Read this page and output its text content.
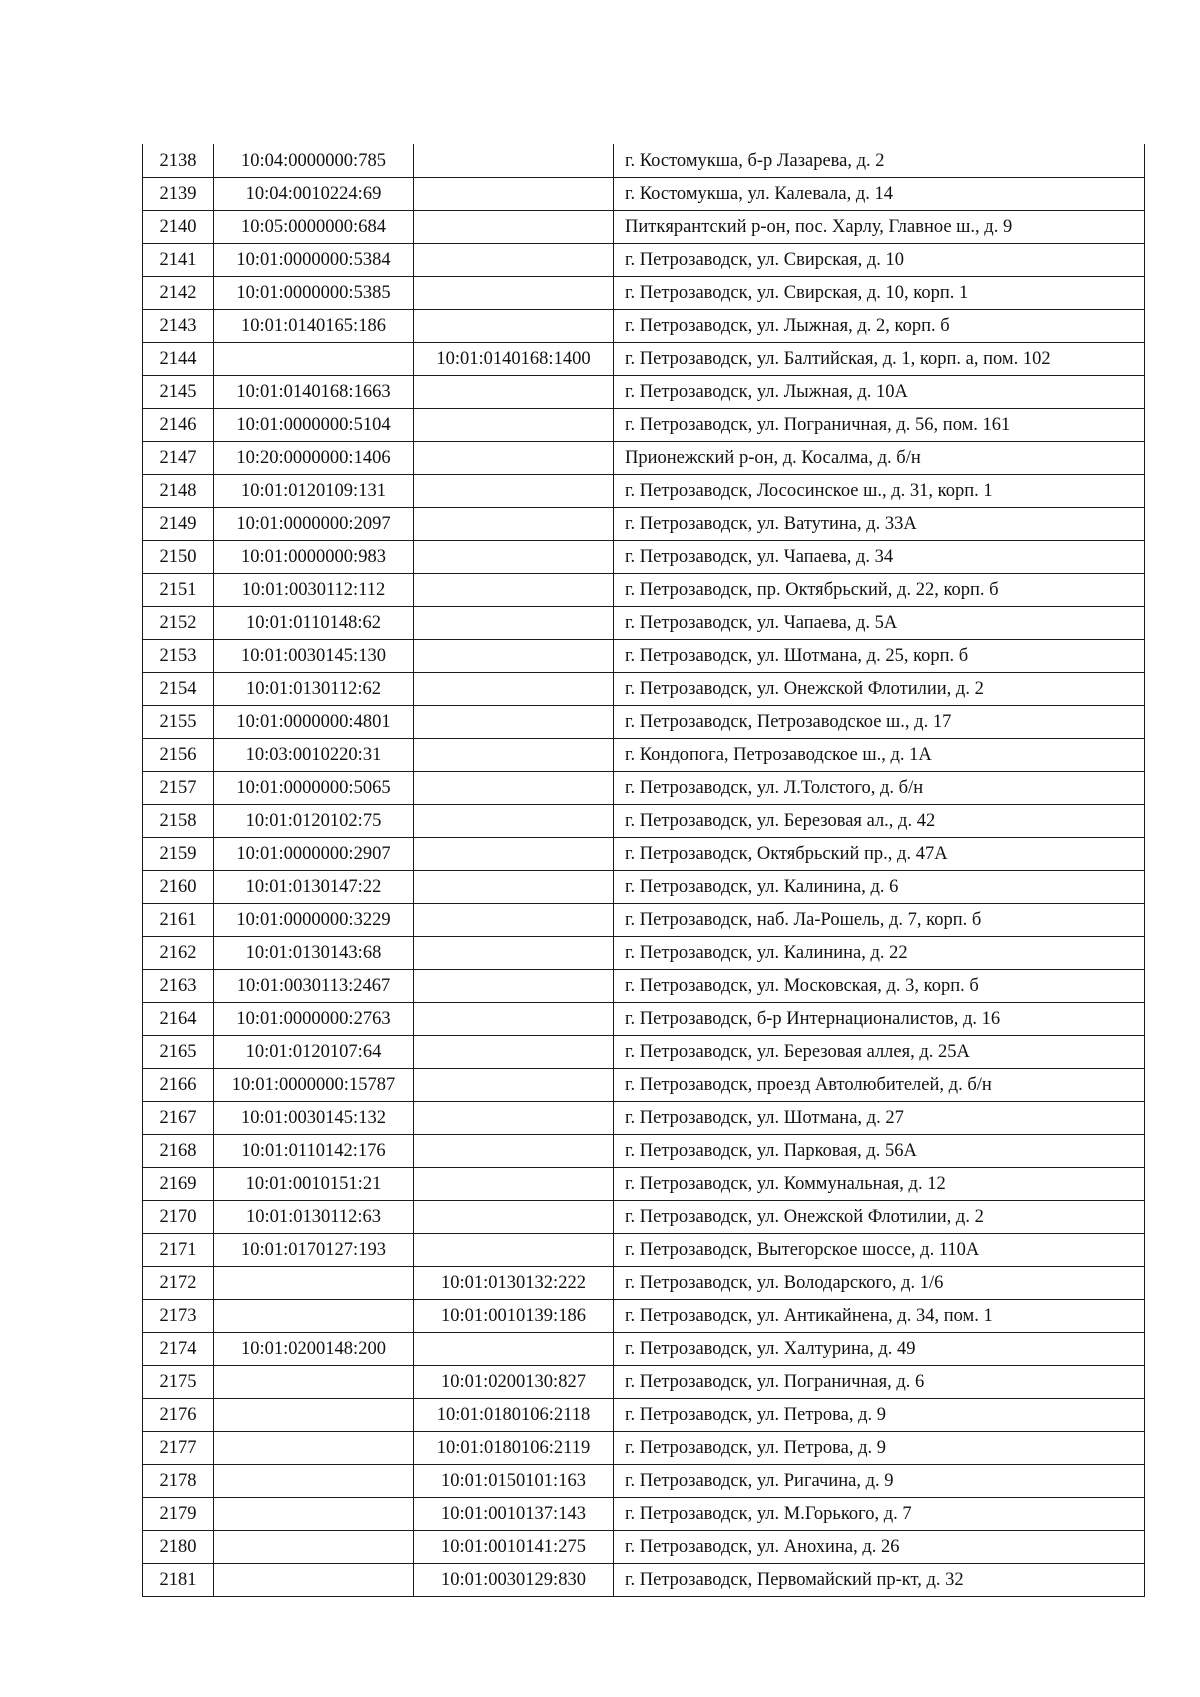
2138	10:04:0000000:785		г. Костомукша, б-р Лазарева, д. 2
2139	10:04:0010224:69		г. Костомукша, ул. Калевала, д. 14
2140	10:05:0000000:684		Питкярантский р-он, пос. Харлу, Главное ш., д. 9
2141	10:01:0000000:5384		г. Петрозаводск, ул. Свирская, д. 10
2142	10:01:0000000:5385		г. Петрозаводск, ул. Свирская, д. 10, корп. 1
2143	10:01:0140165:186		г. Петрозаводск, ул. Лыжная, д. 2, корп. б
2144		10:01:0140168:1400	г. Петрозаводск, ул. Балтийская, д. 1, корп. а, пом. 102
2145	10:01:0140168:1663		г. Петрозаводск, ул. Лыжная, д. 10А
2146	10:01:0000000:5104		г. Петрозаводск, ул. Пограничная, д. 56, пом. 161
2147	10:20:0000000:1406		Прионежский р-он, д. Косалма, д. б/н
2148	10:01:0120109:131		г. Петрозаводск, Лососинское ш., д. 31, корп. 1
2149	10:01:0000000:2097		г. Петрозаводск, ул. Ватутина, д. 33А
2150	10:01:0000000:983		г. Петрозаводск, ул. Чапаева, д. 34
2151	10:01:0030112:112		г. Петрозаводск, пр. Октябрьский, д. 22, корп. б
2152	10:01:0110148:62		г. Петрозаводск, ул. Чапаева, д. 5А
2153	10:01:0030145:130		г. Петрозаводск, ул. Шотмана, д. 25, корп. б
2154	10:01:0130112:62		г. Петрозаводск, ул. Онежской Флотилии, д. 2
2155	10:01:0000000:4801		г. Петрозаводск, Петрозаводское ш., д. 17
2156	10:03:0010220:31		г. Кондопога, Петрозаводское ш., д. 1А
2157	10:01:0000000:5065		г. Петрозаводск, ул. Л.Толстого, д. б/н
2158	10:01:0120102:75		г. Петрозаводск, ул. Березовая ал., д. 42
2159	10:01:0000000:2907		г. Петрозаводск, Октябрьский пр., д. 47А
2160	10:01:0130147:22		г. Петрозаводск, ул. Калинина, д. 6
2161	10:01:0000000:3229		г. Петрозаводск, наб. Ла-Рошель, д. 7, корп. б
2162	10:01:0130143:68		г. Петрозаводск, ул. Калинина, д. 22
2163	10:01:0030113:2467		г. Петрозаводск, ул. Московская, д. 3, корп. б
2164	10:01:0000000:2763		г. Петрозаводск, б-р Интернационалистов, д. 16
2165	10:01:0120107:64		г. Петрозаводск, ул. Березовая аллея, д. 25А
2166	10:01:0000000:15787		г. Петрозаводск, проезд Автолюбителей, д. б/н
2167	10:01:0030145:132		г. Петрозаводск, ул. Шотмана, д. 27
2168	10:01:0110142:176		г. Петрозаводск, ул. Парковая, д. 56А
2169	10:01:0010151:21		г. Петрозаводск, ул. Коммунальная, д. 12
2170	10:01:0130112:63		г. Петрозаводск, ул. Онежской Флотилии, д. 2
2171	10:01:0170127:193		г. Петрозаводск, Вытегорское шоссе, д. 110А
2172		10:01:0130132:222	г. Петрозаводск, ул. Володарского, д. 1/6
2173		10:01:0010139:186	г. Петрозаводск, ул. Антикайнена, д. 34, пом. 1
2174	10:01:0200148:200		г. Петрозаводск, ул. Халтурина, д. 49
2175		10:01:0200130:827	г. Петрозаводск, ул. Пограничная, д. 6
2176		10:01:0180106:2118	г. Петрозаводск, ул. Петрова, д. 9
2177		10:01:0180106:2119	г. Петрозаводск, ул. Петрова, д. 9
2178		10:01:0150101:163	г. Петрозаводск, ул. Ригачина, д. 9
2179		10:01:0010137:143	г. Петрозаводск, ул. М.Горького, д. 7
2180		10:01:0010141:275	г. Петрозаводск, ул. Анохина, д. 26
2181		10:01:0030129:830	г. Петрозаводск, Первомайский пр-кт, д. 32
